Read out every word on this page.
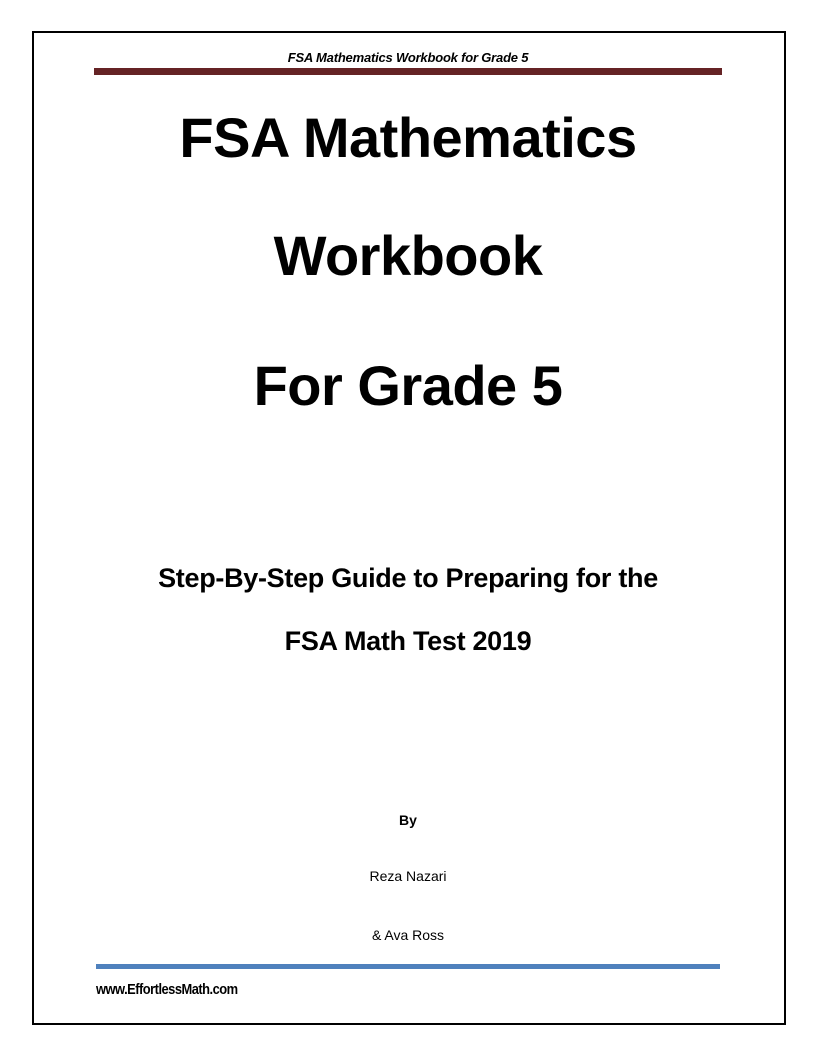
FSA Mathematics Workbook for Grade 5
FSA Mathematics
Workbook
For Grade 5
Step-By-Step Guide to Preparing for the
FSA Math Test 2019
By
Reza Nazari
& Ava Ross
www.EffortlessMath.com
